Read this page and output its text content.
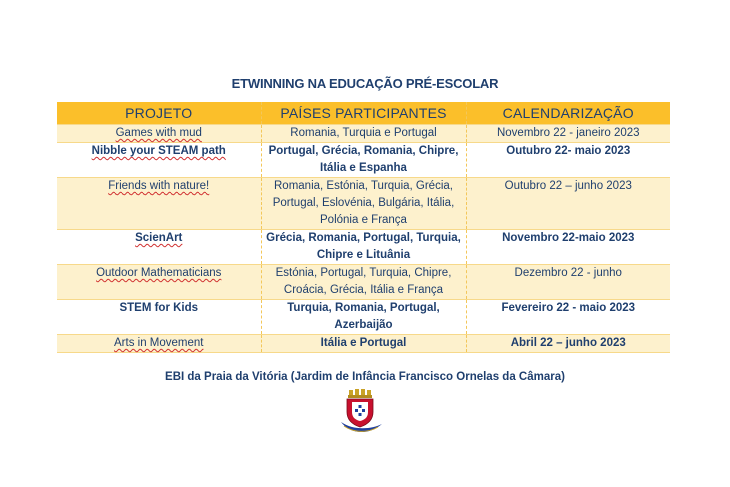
ETWINNING NA EDUCAÇÃO PRÉ-ESCOLAR
PROJETO	PAÍSES PARTICIPANTES	CALENDARIZAÇÃO
Games with mud	Romania, Turquia e Portugal	Novembro 22 - janeiro 2023
Nibble your STEAM path	Portugal, Grécia, Romania, Chipre, Itália e Espanha	Outubro 22- maio 2023
Friends with nature!	Romania, Estónia, Turquia, Grécia, Portugal, Eslovénia, Bulgária, Itália, Polónia e França	Outubro 22 – junho 2023
ScienArt	Grécia, Romania, Portugal, Turquia, Chipre e Lituânia	Novembro 22-maio 2023
Outdoor Mathematicians	Estónia, Portugal, Turquia, Chipre, Croácia, Grécia, Itália e França	Dezembro 22 - junho
STEM for Kids	Turquia, Romania, Portugal, Azerbaijão	Fevereiro 22 - maio 2023
Arts in Movement	Itália e Portugal	Abril 22 – junho 2023
EBI da Praia da Vitória (Jardim de Infância Francisco Ornelas da Câmara)
